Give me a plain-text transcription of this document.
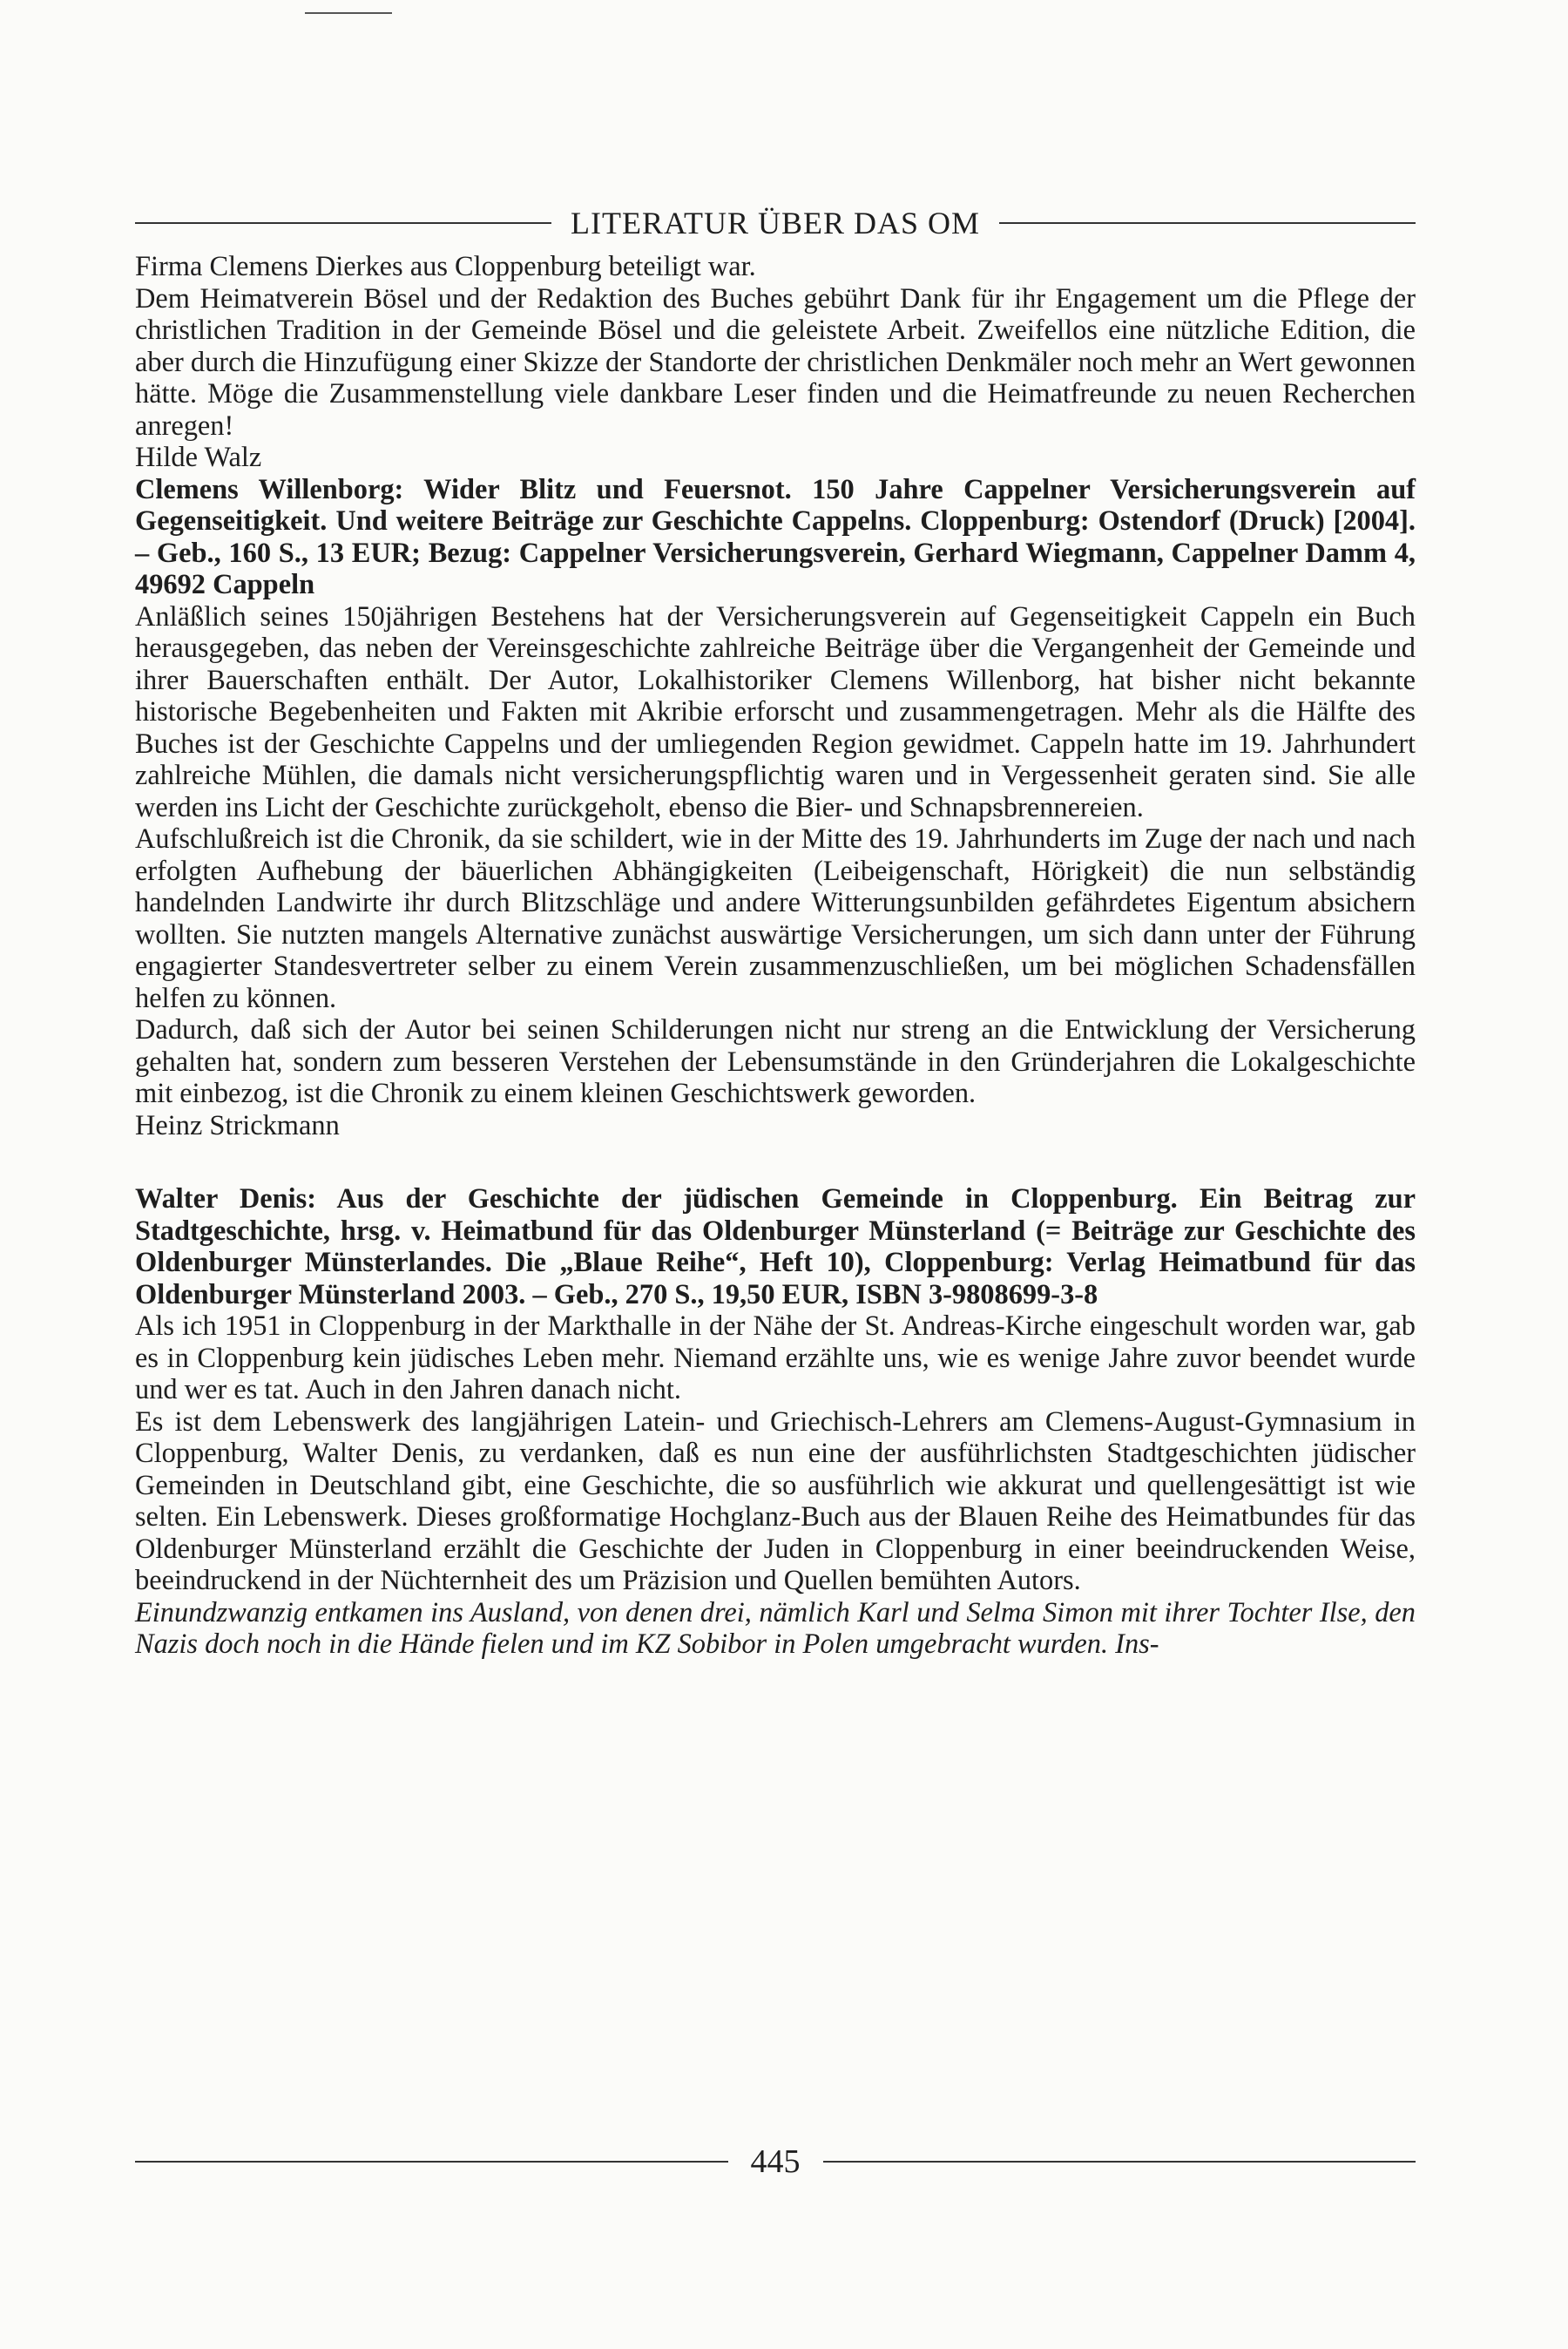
LITERATUR ÜBER DAS OM

Firma Clemens Dierkes aus Cloppenburg beteiligt war.

Dem Heimatverein Bösel und der Redaktion des Buches gebührt Dank für ihr Engagement um die Pflege der christlichen Tradition in der Gemeinde Bösel und die geleistete Arbeit. Zweifellos eine nützliche Edition, die aber durch die Hinzufügung einer Skizze der Standorte der christlichen Denkmäler noch mehr an Wert gewonnen hätte. Möge die Zusammenstellung viele dankbare Leser finden und die Heimatfreunde zu neuen Recherchen anregen!

Hilde Walz

Clemens Willenborg: Wider Blitz und Feuersnot. 150 Jahre Cappelner Versicherungsverein auf Gegenseitigkeit. Und weitere Beiträge zur Geschichte Cappelns. Cloppenburg: Ostendorf (Druck) [2004]. – Geb., 160 S., 13 EUR; Bezug: Cappelner Versicherungsverein, Gerhard Wiegmann, Cappelner Damm 4, 49692 Cappeln

Anläßlich seines 150jährigen Bestehens hat der Versicherungsverein auf Gegenseitigkeit Cappeln ein Buch herausgegeben, das neben der Vereinsgeschichte zahlreiche Beiträge über die Vergangenheit der Gemeinde und ihrer Bauerschaften enthält. Der Autor, Lokalhistoriker Clemens Willenborg, hat bisher nicht bekannte historische Begebenheiten und Fakten mit Akribie erforscht und zusammengetragen. Mehr als die Hälfte des Buches ist der Geschichte Cappelns und der umliegenden Region gewidmet. Cappeln hatte im 19. Jahrhundert zahlreiche Mühlen, die damals nicht versicherungspflichtig waren und in Vergessenheit geraten sind. Sie alle werden ins Licht der Geschichte zurückgeholt, ebenso die Bier- und Schnapsbrennereien.

Aufschlußreich ist die Chronik, da sie schildert, wie in der Mitte des 19. Jahrhunderts im Zuge der nach und nach erfolgten Aufhebung der bäuerlichen Abhängigkeiten (Leibeigenschaft, Hörigkeit) die nun selbständig handelnden Landwirte ihr durch Blitzschläge und andere Witterungsunbilden gefährdetes Eigentum absichern wollten. Sie nutzten mangels Alternative zunächst auswärtige Versicherungen, um sich dann unter der Führung engagierter Standesvertreter selber zu einem Verein zusammenzuschließen, um bei möglichen Schadensfällen helfen zu können.

Dadurch, daß sich der Autor bei seinen Schilderungen nicht nur streng an die Entwicklung der Versicherung gehalten hat, sondern zum besseren Verstehen der Lebensumstände in den Gründerjahren die Lokalgeschichte mit einbezog, ist die Chronik zu einem kleinen Geschichtswerk geworden.

Heinz Strickmann

Walter Denis: Aus der Geschichte der jüdischen Gemeinde in Cloppenburg. Ein Beitrag zur Stadtgeschichte, hrsg. v. Heimatbund für das Oldenburger Münsterland (= Beiträge zur Geschichte des Oldenburger Münsterlandes. Die „Blaue Reihe“, Heft 10), Cloppenburg: Verlag Heimatbund für das Oldenburger Münsterland 2003. – Geb., 270 S., 19,50 EUR, ISBN 3-9808699-3-8

Als ich 1951 in Cloppenburg in der Markthalle in der Nähe der St. Andreas-Kirche eingeschult worden war, gab es in Cloppenburg kein jüdisches Leben mehr. Niemand erzählte uns, wie es wenige Jahre zuvor beendet wurde und wer es tat. Auch in den Jahren danach nicht.

Es ist dem Lebenswerk des langjährigen Latein- und Griechisch-Lehrers am Clemens-August-Gymnasium in Cloppenburg, Walter Denis, zu verdanken, daß es nun eine der ausführlichsten Stadtgeschichten jüdischer Gemeinden in Deutschland gibt, eine Geschichte, die so ausführlich wie akkurat und quellengesättigt ist wie selten. Ein Lebenswerk. Dieses großformatige Hochglanz-Buch aus der Blauen Reihe des Heimatbundes für das Oldenburger Münsterland erzählt die Geschichte der Juden in Cloppenburg in einer beeindruckenden Weise, beeindruckend in der Nüchternheit des um Präzision und Quellen bemühten Autors.

Einundzwanzig entkamen ins Ausland, von denen drei, nämlich Karl und Selma Simon mit ihrer Tochter Ilse, den Nazis doch noch in die Hände fielen und im KZ Sobibor in Polen umgebracht wurden. Ins-

445
